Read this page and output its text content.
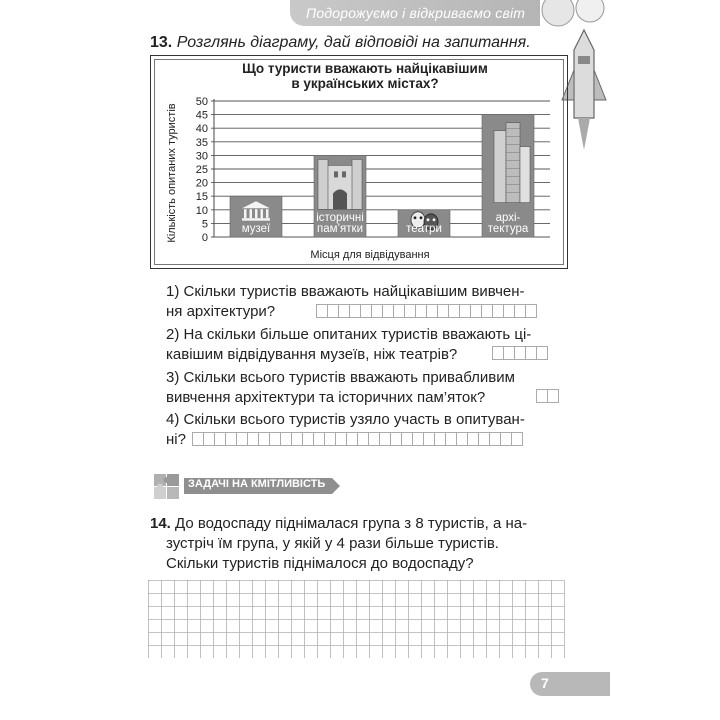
Подорожуємо і відкриваємо світ
13. Розглянь діаграму, дай відповіді на запитання.
Що туристи вважають найцікавішим
в українських містах?
Кількість опитаних туристів
Місця для відвідування
0
5
10
15
20
25
30
35
40
45
50
музеї
історичні
пам’ятки	театри
архі-
тектура
1) Скільки туристів вважають найцікавішим вивчен-
ня архітектури?
2) На скільки більше опитаних туристів вважають ці-
кавішим відвідування музеїв, ніж театрів?
3) Скільки всього туристів вважають привабливим
вивчення архітектури та історичних пам’яток?
4) Скільки всього туристів узяло участь в опитуван-
ні?
ЗАДАЧІ НА КМІТЛИВІСТЬ
14. До водоспаду піднімалася група з 8 туристів, а на-
зустріч їм група, у якій у 4 рази більше туристів.
Скільки туристів піднімалося до водоспаду?
7
